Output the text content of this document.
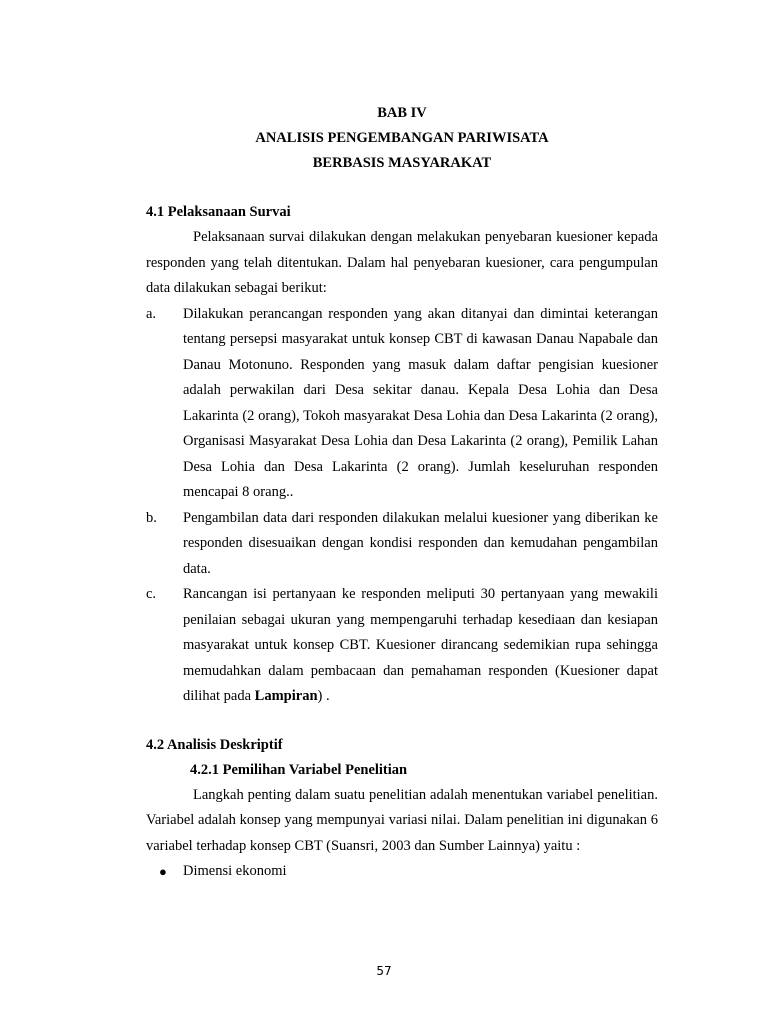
BAB IV
ANALISIS PENGEMBANGAN PARIWISATA
BERBASIS MASYARAKAT
4.1 Pelaksanaan Survai
Pelaksanaan survai dilakukan dengan melakukan penyebaran kuesioner kepada responden yang telah ditentukan. Dalam hal penyebaran kuesioner, cara pengumpulan data dilakukan sebagai berikut:
a. Dilakukan perancangan responden yang akan ditanyai dan dimintai keterangan tentang persepsi masyarakat untuk konsep CBT di kawasan Danau Napabale dan Danau Motonuno. Responden yang masuk dalam daftar pengisian kuesioner adalah perwakilan dari Desa sekitar danau. Kepala Desa Lohia dan Desa Lakarinta (2 orang), Tokoh masyarakat Desa Lohia dan Desa Lakarinta (2 orang), Organisasi Masyarakat Desa Lohia dan Desa Lakarinta (2 orang), Pemilik Lahan Desa Lohia dan Desa Lakarinta (2 orang). Jumlah keseluruhan responden mencapai 8 orang..
b. Pengambilan data dari responden dilakukan melalui kuesioner yang diberikan ke responden disesuaikan dengan kondisi responden dan kemudahan pengambilan data.
c. Rancangan isi pertanyaan ke responden meliputi 30 pertanyaan yang mewakili penilaian sebagai ukuran yang mempengaruhi terhadap kesediaan dan kesiapan masyarakat untuk konsep CBT. Kuesioner dirancang sedemikian rupa sehingga memudahkan dalam pembacaan dan pemahaman responden (Kuesioner dapat dilihat pada Lampiran) .
4.2 Analisis Deskriptif
4.2.1 Pemilihan Variabel Penelitian
Langkah penting dalam suatu penelitian adalah menentukan variabel penelitian. Variabel adalah konsep yang mempunyai variasi nilai. Dalam penelitian ini digunakan 6 variabel terhadap konsep CBT (Suansri, 2003 dan Sumber Lainnya) yaitu :
● Dimensi ekonomi
57
